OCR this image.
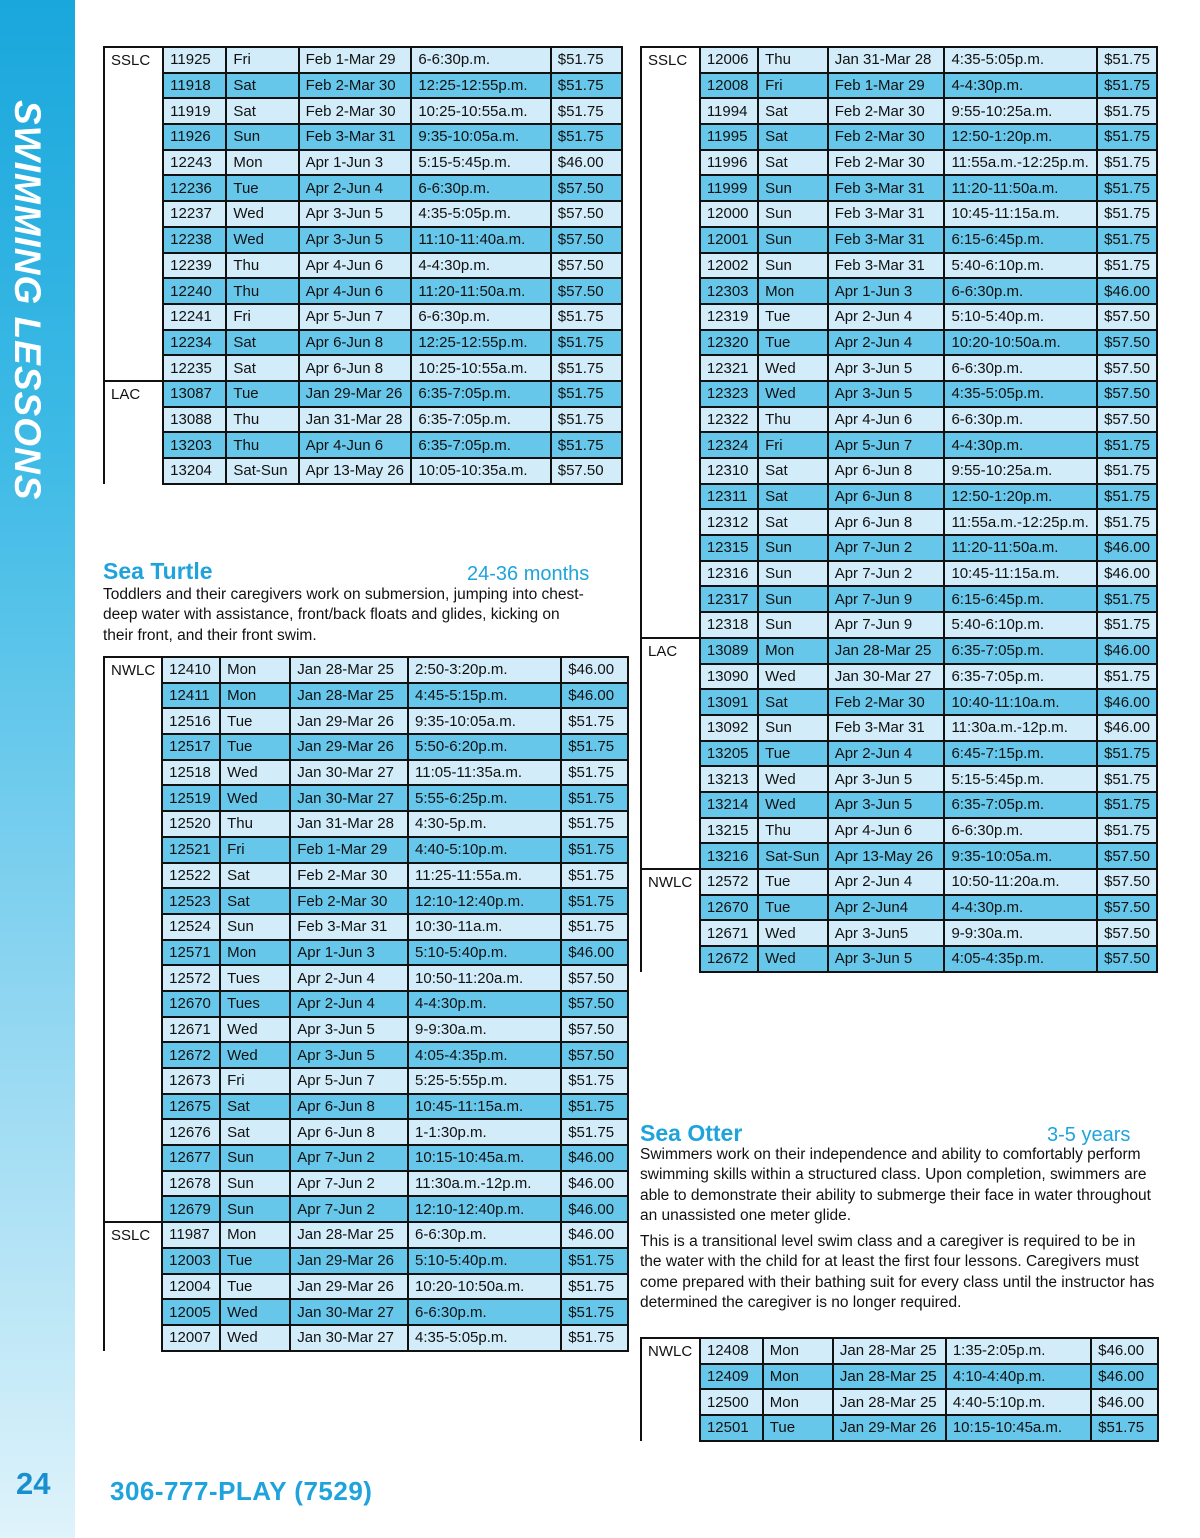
SWIMMING LESSONS
24
SSLC	11925	Fri	Feb 1-Mar 29	6-6:30p.m.	$51.75
	11918	Sat	Feb 2-Mar 30	12:25-12:55p.m.	$51.75
	11919	Sat	Feb 2-Mar 30	10:25-10:55a.m.	$51.75
	11926	Sun	Feb 3-Mar 31	9:35-10:05a.m.	$51.75
	12243	Mon	Apr 1-Jun 3	5:15-5:45p.m.	$46.00
	12236	Tue	Apr 2-Jun 4	6-6:30p.m.	$57.50
	12237	Wed	Apr 3-Jun 5	4:35-5:05p.m.	$57.50
	12238	Wed	Apr 3-Jun 5	11:10-11:40a.m.	$57.50
	12239	Thu	Apr 4-Jun 6	4-4:30p.m.	$57.50
	12240	Thu	Apr 4-Jun 6	11:20-11:50a.m.	$57.50
	12241	Fri	Apr 5-Jun 7	6-6:30p.m.	$51.75
	12234	Sat	Apr 6-Jun 8	12:25-12:55p.m.	$51.75
	12235	Sat	Apr 6-Jun 8	10:25-10:55a.m.	$51.75
LAC	13087	Tue	Jan 29-Mar 26	6:35-7:05p.m.	$51.75
	13088	Thu	Jan 31-Mar 28	6:35-7:05p.m.	$51.75
	13203	Thu	Apr 4-Jun 6	6:35-7:05p.m.	$51.75
	13204	Sat-Sun	Apr 13-May 26	10:05-10:35a.m.	$57.50
Sea Turtle	24-36 months

Toddlers and their caregivers work on submersion, jumping into chest-deep water with assistance, front/back floats and glides, kicking on their front, and their front swim.

NWLC	12410	Mon	Jan 28-Mar 25	2:50-3:20p.m.	$46.00
	12411	Mon	Jan 28-Mar 25	4:45-5:15p.m.	$46.00
	12516	Tue	Jan 29-Mar 26	9:35-10:05a.m.	$51.75
	12517	Tue	Jan 29-Mar 26	5:50-6:20p.m.	$51.75
	12518	Wed	Jan 30-Mar 27	11:05-11:35a.m.	$51.75
	12519	Wed	Jan 30-Mar 27	5:55-6:25p.m.	$51.75
	12520	Thu	Jan 31-Mar 28	4:30-5p.m.	$51.75
	12521	Fri	Feb 1-Mar 29	4:40-5:10p.m.	$51.75
	12522	Sat	Feb 2-Mar 30	11:25-11:55a.m.	$51.75
	12523	Sat	Feb 2-Mar 30	12:10-12:40p.m.	$51.75
	12524	Sun	Feb 3-Mar 31	10:30-11a.m.	$51.75
	12571	Mon	Apr 1-Jun 3	5:10-5:40p.m.	$46.00
	12572	Tues	Apr 2-Jun 4	10:50-11:20a.m.	$57.50
	12670	Tues	Apr 2-Jun 4	4-4:30p.m.	$57.50
	12671	Wed	Apr 3-Jun 5	9-9:30a.m.	$57.50
	12672	Wed	Apr 3-Jun 5	4:05-4:35p.m.	$57.50
	12673	Fri	Apr 5-Jun 7	5:25-5:55p.m.	$51.75
	12675	Sat	Apr 6-Jun 8	10:45-11:15a.m.	$51.75
	12676	Sat	Apr 6-Jun 8	1-1:30p.m.	$51.75
	12677	Sun	Apr 7-Jun 2	10:15-10:45a.m.	$46.00
	12678	Sun	Apr 7-Jun 2	11:30a.m.-12p.m.	$46.00
	12679	Sun	Apr 7-Jun 2	12:10-12:40p.m.	$46.00
SSLC	11987	Mon	Jan 28-Mar 25	6-6:30p.m.	$46.00
	12003	Tue	Jan 29-Mar 26	5:10-5:40p.m.	$51.75
	12004	Tue	Jan 29-Mar 26	10:20-10:50a.m.	$51.75
	12005	Wed	Jan 30-Mar 27	6-6:30p.m.	$51.75
	12007	Wed	Jan 30-Mar 27	4:35-5:05p.m.	$51.75
SSLC	12006	Thu	Jan 31-Mar 28	4:35-5:05p.m.	$51.75
	12008	Fri	Feb 1-Mar 29	4-4:30p.m.	$51.75
	11994	Sat	Feb 2-Mar 30	9:55-10:25a.m.	$51.75
	11995	Sat	Feb 2-Mar 30	12:50-1:20p.m.	$51.75
	11996	Sat	Feb 2-Mar 30	11:55a.m.-12:25p.m.	$51.75
	11999	Sun	Feb 3-Mar 31	11:20-11:50a.m.	$51.75
	12000	Sun	Feb 3-Mar 31	10:45-11:15a.m.	$51.75
	12001	Sun	Feb 3-Mar 31	6:15-6:45p.m.	$51.75
	12002	Sun	Feb 3-Mar 31	5:40-6:10p.m.	$51.75
	12303	Mon	Apr 1-Jun 3	6-6:30p.m.	$46.00
	12319	Tue	Apr 2-Jun 4	5:10-5:40p.m.	$57.50
	12320	Tue	Apr 2-Jun 4	10:20-10:50a.m.	$57.50
	12321	Wed	Apr 3-Jun 5	6-6:30p.m.	$57.50
	12323	Wed	Apr 3-Jun 5	4:35-5:05p.m.	$57.50
	12322	Thu	Apr 4-Jun 6	6-6:30p.m.	$57.50
	12324	Fri	Apr 5-Jun 7	4-4:30p.m.	$51.75
	12310	Sat	Apr 6-Jun 8	9:55-10:25a.m.	$51.75
	12311	Sat	Apr 6-Jun 8	12:50-1:20p.m.	$51.75
	12312	Sat	Apr 6-Jun 8	11:55a.m.-12:25p.m.	$51.75
	12315	Sun	Apr 7-Jun 2	11:20-11:50a.m.	$46.00
	12316	Sun	Apr 7-Jun 2	10:45-11:15a.m.	$46.00
	12317	Sun	Apr 7-Jun 9	6:15-6:45p.m.	$51.75
	12318	Sun	Apr 7-Jun 9	5:40-6:10p.m.	$51.75
LAC	13089	Mon	Jan 28-Mar 25	6:35-7:05p.m.	$46.00
	13090	Wed	Jan 30-Mar 27	6:35-7:05p.m.	$51.75
	13091	Sat	Feb 2-Mar 30	10:40-11:10a.m.	$46.00
	13092	Sun	Feb 3-Mar 31	11:30a.m.-12p.m.	$46.00
	13205	Tue	Apr 2-Jun 4	6:45-7:15p.m.	$51.75
	13213	Wed	Apr 3-Jun 5	5:15-5:45p.m.	$51.75
	13214	Wed	Apr 3-Jun 5	6:35-7:05p.m.	$51.75
	13215	Thu	Apr 4-Jun 6	6-6:30p.m.	$51.75
	13216	Sat-Sun	Apr 13-May 26	9:35-10:05a.m.	$57.50
NWLC	12572	Tue	Apr 2-Jun 4	10:50-11:20a.m.	$57.50
	12670	Tue	Apr 2-Jun4	4-4:30p.m.	$57.50
	12671	Wed	Apr 3-Jun5	9-9:30a.m.	$57.50
	12672	Wed	Apr 3-Jun 5	4:05-4:35p.m.	$57.50
Sea Otter	3-5 years

Swimmers work on their independence and ability to comfortably perform swimming skills within a structured class. Upon completion, swimmers are able to demonstrate their ability to submerge their face in water throughout an unassisted one meter glide.

This is a transitional level swim class and a caregiver is required to be in the water with the child for at least the first four lessons. Caregivers must come prepared with their bathing suit for every class until the instructor has determined the caregiver is no longer required.

NWLC	12408	Mon	Jan 28-Mar 25	1:35-2:05p.m.	$46.00
	12409	Mon	Jan 28-Mar 25	4:10-4:40p.m.	$46.00
	12500	Mon	Jan 28-Mar 25	4:40-5:10p.m.	$46.00
	12501	Tue	Jan 29-Mar 26	10:15-10:45a.m.	$51.75
306-777-PLAY (7529)
